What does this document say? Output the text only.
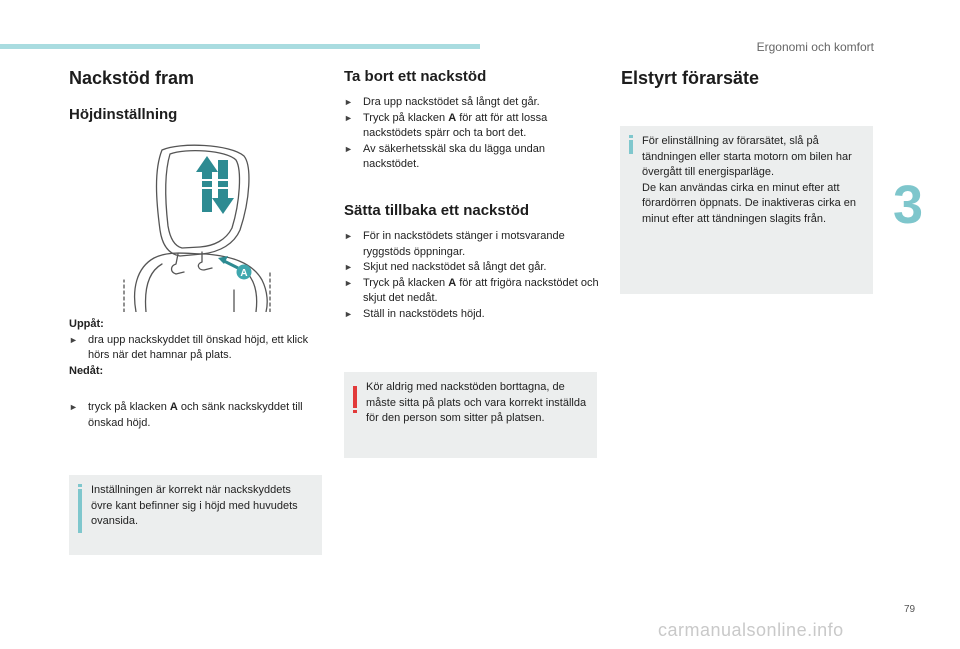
Ergonomi och komfort
3
Nackstöd fram
Höjdinställning
A
Uppåt:
► dra upp nackskyddet till önskad höjd, ett klick hörs när det hamnar på plats.
Nedåt:
► tryck på klacken A och sänk nackskyddet till önskad höjd.
Inställningen är korrekt när nackskyddets övre kant befinner sig i höjd med huvudets ovansida.
Ta bort ett nackstöd
► Dra upp nackstödet så långt det går.
► Tryck på klacken A för att för att lossa nackstödets spärr och ta bort det.
► Av säkerhetsskäl ska du lägga undan nackstödet.
Sätta tillbaka ett nackstöd
► För in nackstödets stänger i motsvarande ryggstöds öppningar.
► Skjut ned nackstödet så långt det går.
► Tryck på klacken A för att frigöra nackstödet och skjut det nedåt.
► Ställ in nackstödets höjd.
Kör aldrig med nackstöden borttagna, de måste sitta på plats och vara korrekt inställda för den person som sitter på platsen.
Elstyrt förarsäte
För elinställning av förarsätet, slå på tändningen eller starta motorn om bilen har övergått till energisparläge.
De kan användas cirka en minut efter att förardörren öppnats. De inaktiveras cirka en minut efter att tändningen slagits från.
79
carmanualsonline.info
